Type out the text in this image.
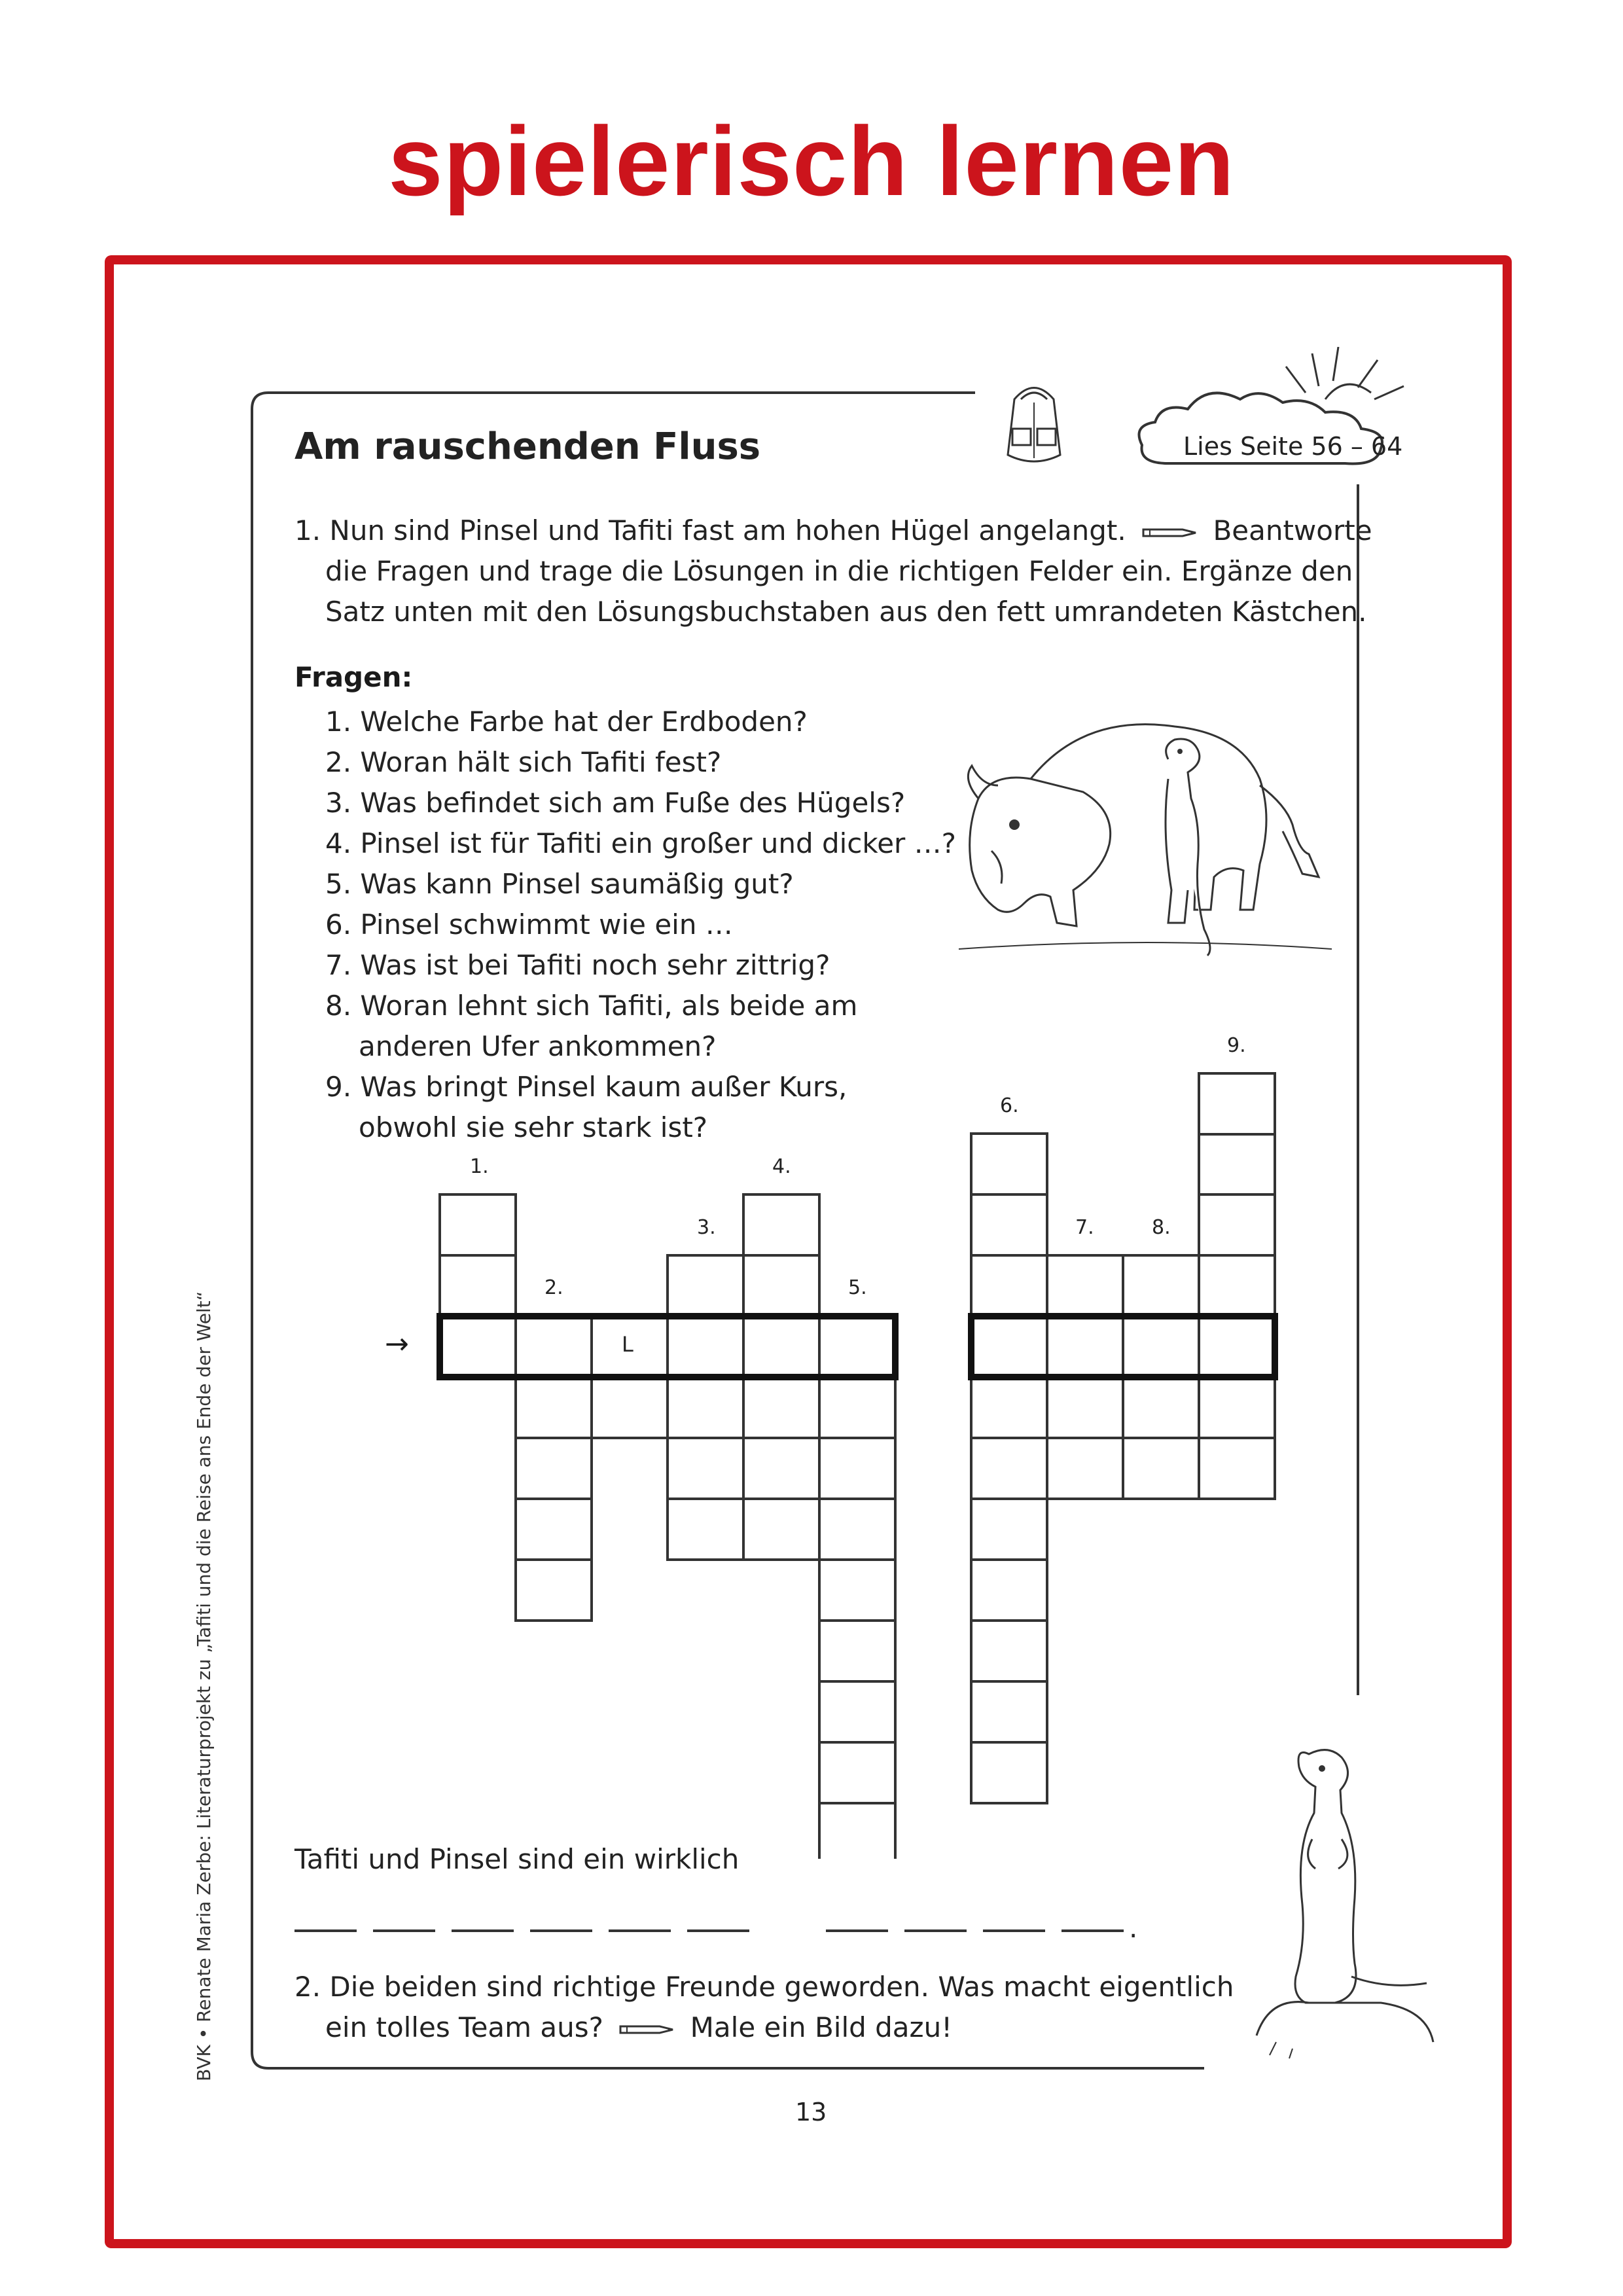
spielerisch lernen
Am rauschenden Fluss	Lies Seite 56 – 64
1. Nun sind Pinsel und Tafiti fast am hohen Hügel angelangt.	Beantworte
die Fragen und trage die Lösungen in die richtigen Felder ein. Ergänze den
Satz unten mit den Lösungsbuchstaben aus den fett umrandeten Kästchen.
Fragen:
1. Welche Farbe hat der Erdboden?
2. Woran hält sich Tafiti fest?
3. Was befindet sich am Fuße des Hügels?
4. Pinsel ist für Tafiti ein großer und dicker …?
5. Was kann Pinsel saumäßig gut?
6. Pinsel schwimmt wie ein …
7. Was ist bei Tafiti noch sehr zittrig?
8. Woran lehnt sich Tafiti, als beide am
anderen Ufer ankommen?
9. Was bringt Pinsel kaum außer Kurs,
obwohl sie sehr stark ist?
1.
2.
3.
4.
5.
6.
7.	8.
9.
L
→
Tafiti und Pinsel sind ein wirklich
.
2. Die beiden sind richtige Freunde geworden. Was macht eigentlich
ein tolles Team aus?	Male ein Bild dazu!
BVK • Renate Maria Zerbe: Literaturprojekt zu „Tafiti und die Reise ans Ende der Welt“
13
